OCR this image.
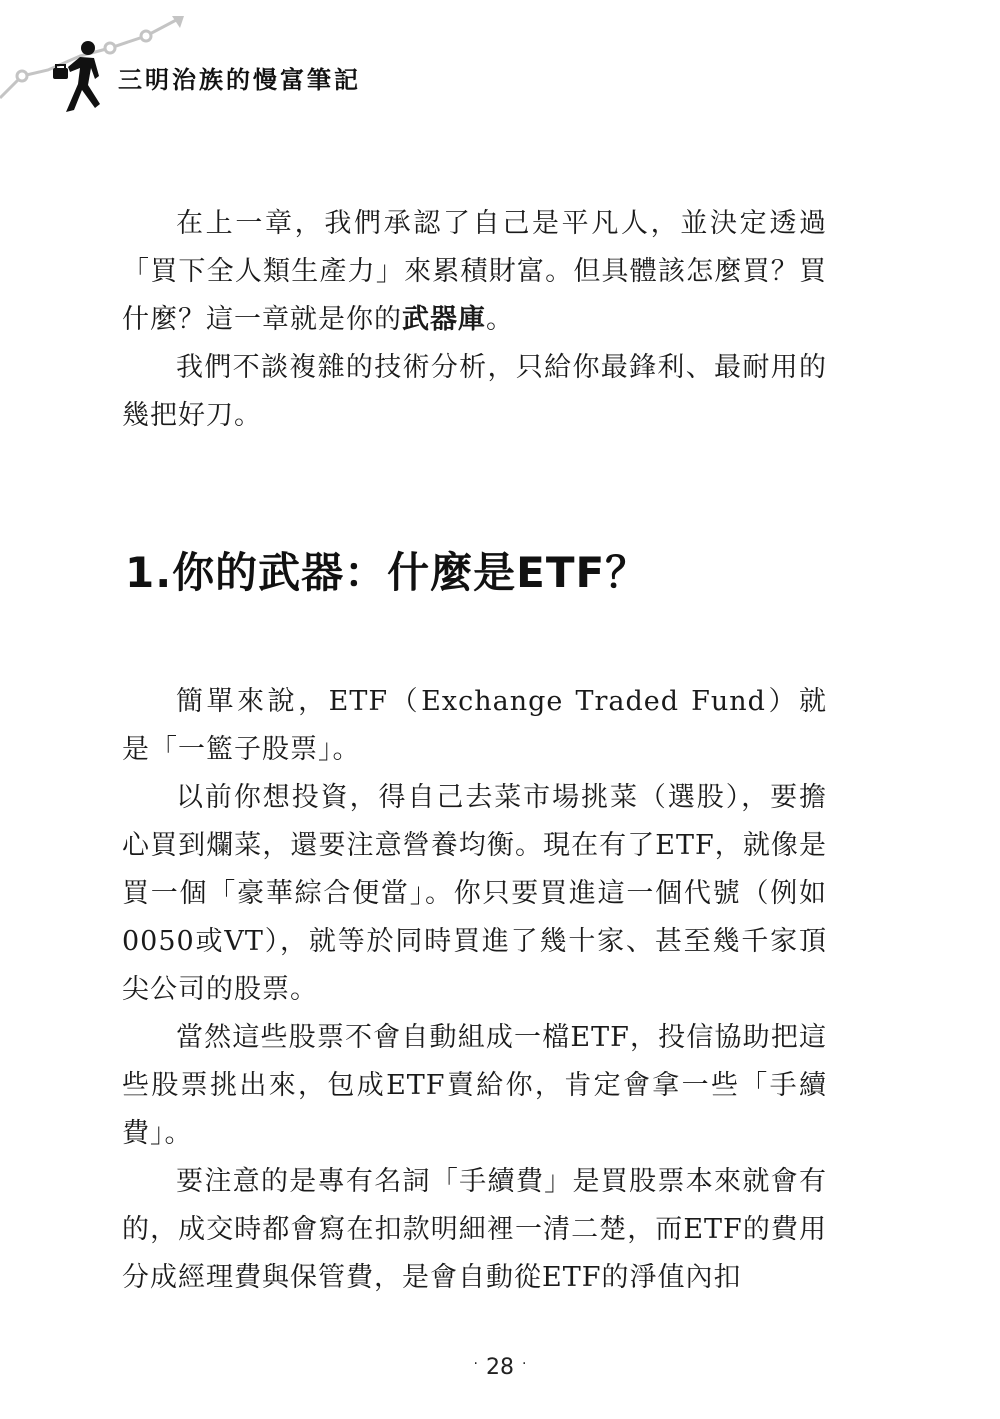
三明治族的慢富筆記

在上一章，我們承認了自己是平凡人，並決定透過「買下全人類生產力」來累積財富。但具體該怎麼買？買什麼？這一章就是你的武器庫。

我們不談複雜的技術分析，只給你最鋒利、最耐用的幾把好刀。

1.你的武器：什麼是ETF？

簡單來說，ETF（Exchange Traded Fund）就是「一籃子股票」。

以前你想投資，得自己去菜市場挑菜（選股），要擔心買到爛菜，還要注意營養均衡。現在有了ETF，就像是買一個「豪華綜合便當」。你只要買進這一個代號（例如0050或VT），就等於同時買進了幾十家、甚至幾千家頂尖公司的股票。

當然這些股票不會自動組成一檔ETF，投信協助把這些股票挑出來，包成ETF賣給你，肯定會拿一些「手續費」。

要注意的是專有名詞「手續費」是買股票本來就會有的，成交時都會寫在扣款明細裡一清二楚，而ETF的費用分成經理費與保管費，是會自動從ETF的淨值內扣

· 28 ·
